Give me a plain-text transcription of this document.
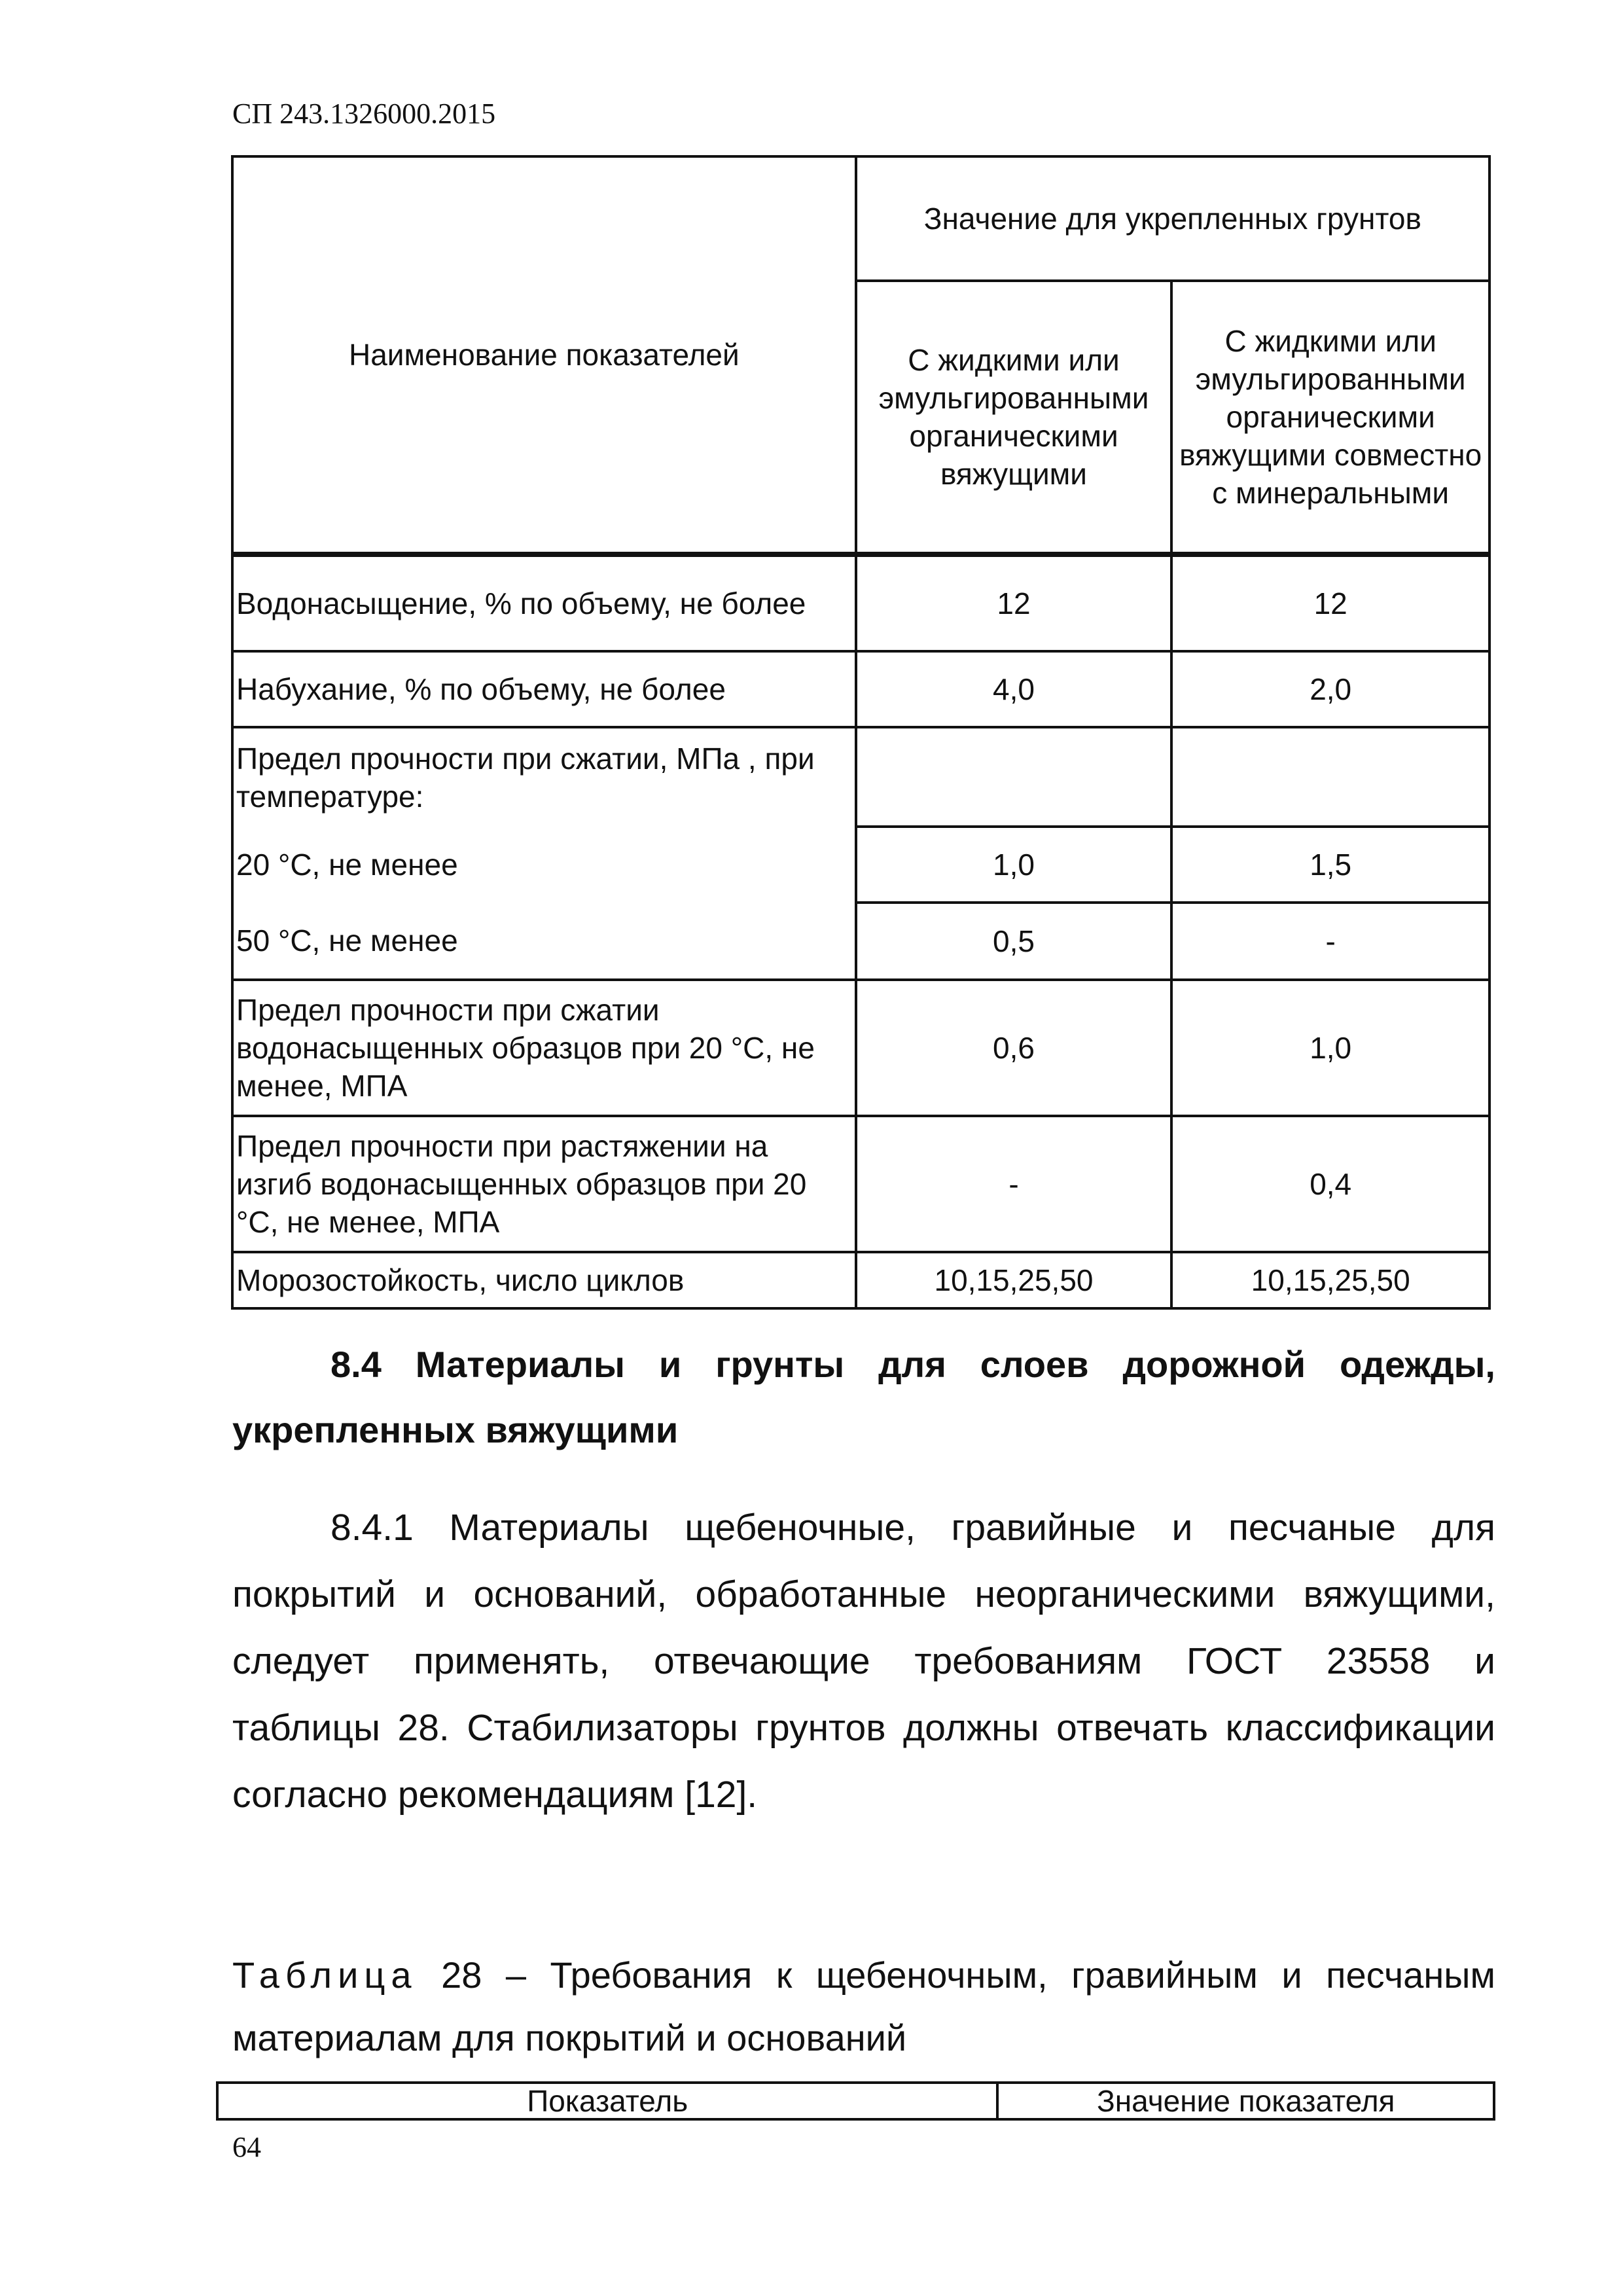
СП 243.1326000.2015
Наименование показателей	Значение для укрепленных грунтов	
	С жидкими или эмульгированными органическими вяжущими	С жидкими или эмульгированными органическими вяжущими совместно с минеральными
Водонасыщение, % по объему, не более	12	12
Набухание, % по объему, не более	4,0	2,0
Предел прочности при сжатии, МПа , при температуре:		
20 °С, не менее	1,0	1,5
50 °С, не менее	0,5	-
Предел прочности при сжатии водонасыщенных образцов при 20 °С, не менее, МПА	0,6	1,0
Предел прочности при растяжении на изгиб водонасыщенных образцов при 20 °С, не менее, МПА	-	0,4
Морозостойкость, число циклов	10,15,25,50	10,15,25,50
8.4 Материалы и грунты для слоев дорожной одежды,
укрепленных вяжущими
8.4.1 Материалы щебеночные, гравийные и песчаные для
покрытий и оснований, обработанные неорганическими вяжущими,
следует применять, отвечающие требованиям ГОСТ 23558 и
таблицы 28. Стабилизаторы грунтов должны отвечать классификации
согласно рекомендациям [12].
Таблица 28 – Требования к щебеночным, гравийным и песчаным
материалам для покрытий и оснований
Показатель	Значение показателя
64
